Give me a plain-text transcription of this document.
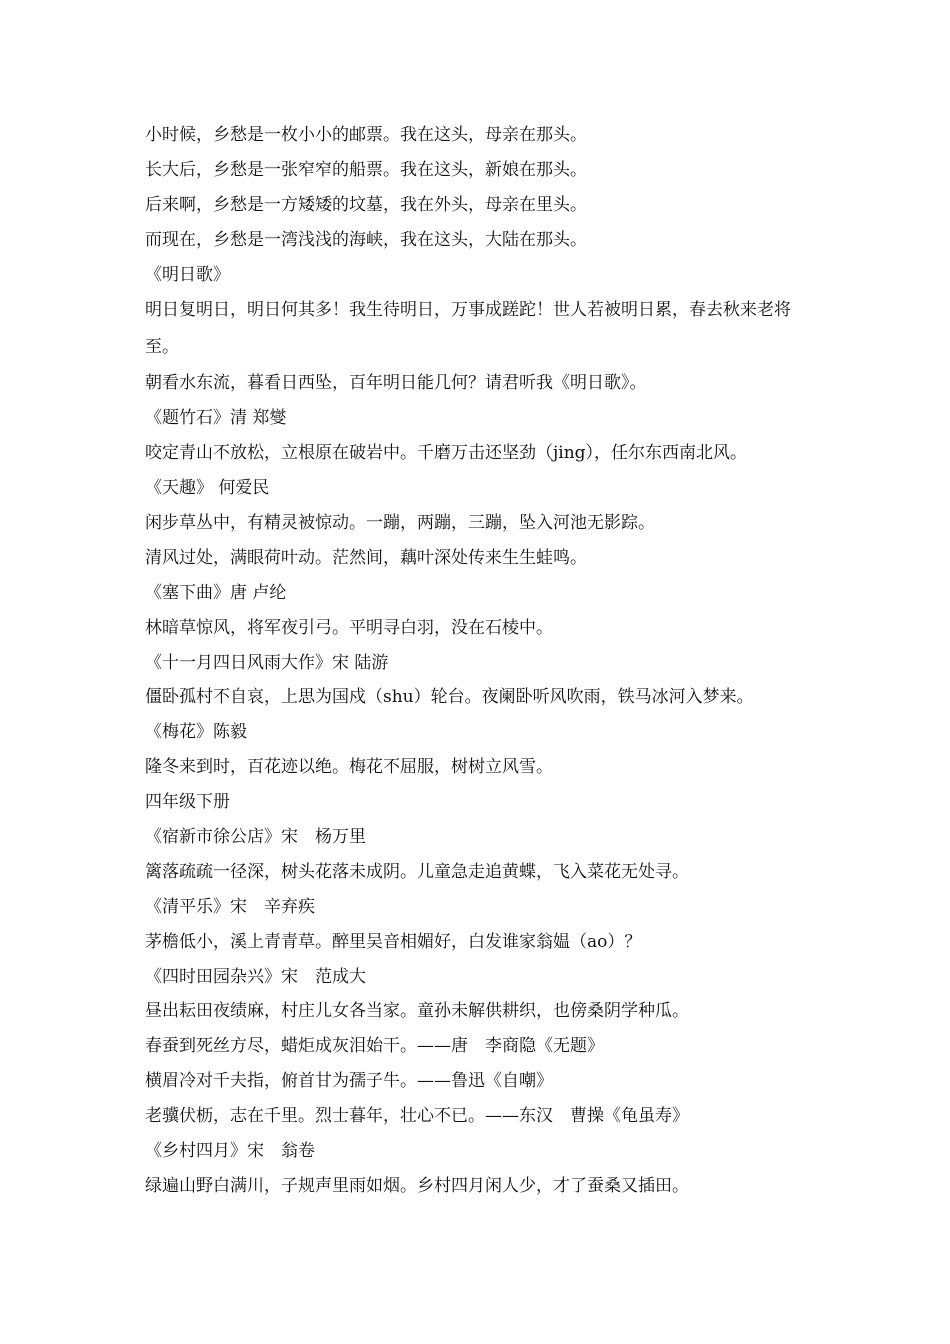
小时候，乡愁是一枚小小的邮票。我在这头，母亲在那头。
长大后，乡愁是一张窄窄的船票。我在这头，新娘在那头。
后来啊，乡愁是一方矮矮的坟墓，我在外头，母亲在里头。
而现在，乡愁是一湾浅浅的海峡，我在这头，大陆在那头。
《明日歌》
明日复明日，明日何其多！我生待明日，万事成蹉跎！世人若被明日累，春去秋来老将至。
朝看水东流，暮看日西坠，百年明日能几何？请君听我《明日歌》。
《题竹石》清 郑燮
咬定青山不放松，立根原在破岩中。千磨万击还坚劲（jing），任尔东西南北风。
《天趣》 何爱民
闲步草丛中，有精灵被惊动。一蹦，两蹦，三蹦，坠入河池无影踪。
清风过处，满眼荷叶动。茫然间，藕叶深处传来生生蛙鸣。
《塞下曲》唐 卢纶
林暗草惊风，将军夜引弓。平明寻白羽，没在石棱中。
《十一月四日风雨大作》宋 陆游
僵卧孤村不自哀，上思为国戍（shu）轮台。夜阑卧听风吹雨，铁马冰河入梦来。
《梅花》陈毅
隆冬来到时，百花迹以绝。梅花不屈服，树树立风雪。
四年级下册
《宿新市徐公店》宋　杨万里
篱落疏疏一径深，树头花落未成阴。儿童急走追黄蝶，飞入菜花无处寻。
《清平乐》宋　辛弃疾
茅檐低小，溪上青青草。醉里吴音相媚好，白发谁家翁媪（ao）？
《四时田园杂兴》宋　范成大
昼出耘田夜绩麻，村庄儿女各当家。童孙未解供耕织，也傍桑阴学种瓜。
春蚕到死丝方尽，蜡炬成灰泪始干。——唐　李商隐《无题》
横眉冷对千夫指，俯首甘为孺子牛。——鲁迅《自嘲》
老骥伏枥，志在千里。烈士暮年，壮心不已。——东汉　曹操《龟虽寿》
《乡村四月》宋　翁卷
绿遍山野白满川，子规声里雨如烟。乡村四月闲人少，才了蚕桑又插田。
